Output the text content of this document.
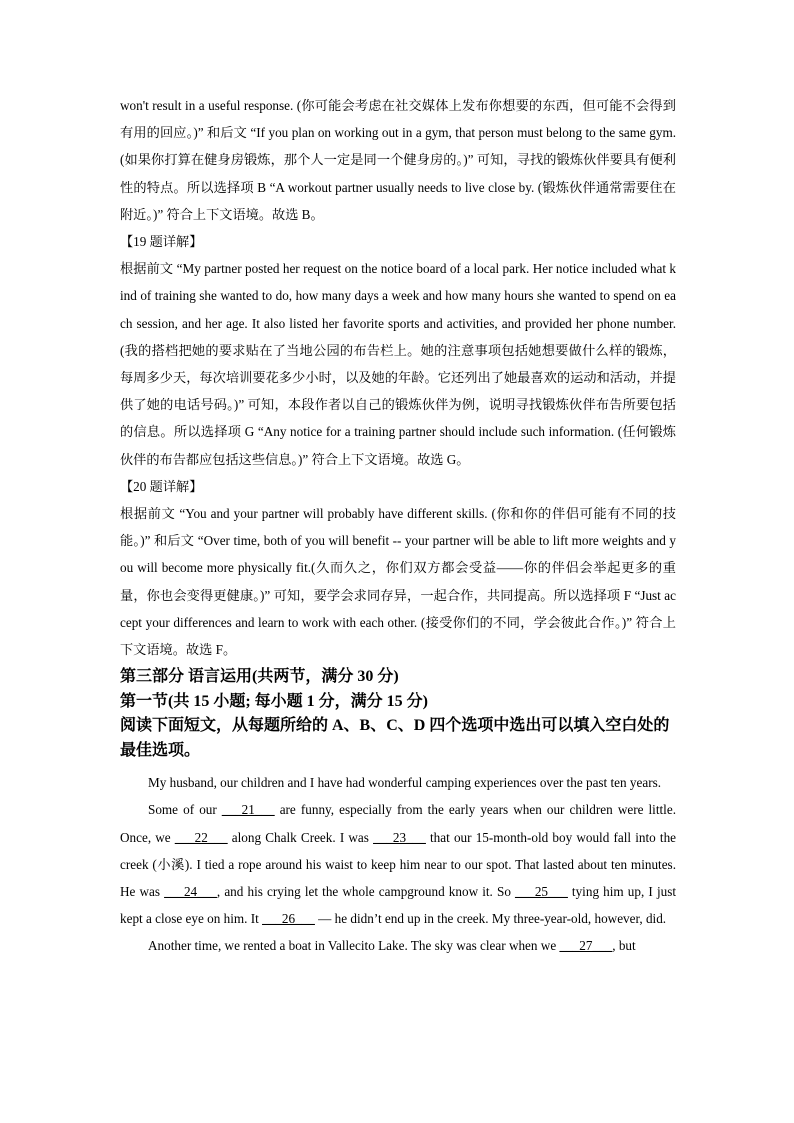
won't result in a useful response. (你可能会考虑在社交媒体上发布你想要的东西，但可能不会得到有用的回应。)” 和后文 “If you plan on working out in a gym, that person must belong to the same gym.(如果你打算在健身房锻炼，那个人一定是同一个健身房的。)” 可知，寻找的锻炼伙伴要具有便利性的特点。所以选择项 B “A workout partner usually needs to live close by. (锻炼伙伴通常需要住在附近。)” 符合上下文语境。故选 B。

【19 题详解】

根据前文 “My partner posted her request on the notice board of a local park. Her notice included what kind of training she wanted to do, how many days a week and how many hours she wanted to spend on each session, and her age. It also listed her favorite sports and activities, and provided her phone number. (我的搭档把她的要求贴在了当地公园的布告栏上。她的注意事项包括她想要做什么样的锻炼，每周多少天，每次培训要花多少小时，以及她的年龄。它还列出了她最喜欢的运动和活动，并提供了她的电话号码。)” 可知，本段作者以自己的锻炼伙伴为例，说明寻找锻炼伙伴布告所要包括的信息。所以选择项 G “Any notice for a training partner should include such information. (任何锻炼伙伴的布告都应包括这些信息。)” 符合上下文语境。故选 G。

【20 题详解】

根据前文 “You and your partner will probably have different skills. (你和你的伴侣可能有不同的技能。)” 和后文 “Over time, both of you will benefit -- your partner will be able to lift more weights and you will become more physically fit.(久而久之，你们双方都会受益——你的伴侣会举起更多的重量，你也会变得更健康。)” 可知，要学会求同存异，一起合作，共同提高。所以选择项 F “Just accept your differences and learn to work with each other. (接受你们的不同，学会彼此合作。)” 符合上下文语境。故选 F。

第三部分 语言运用(共两节，满分 30 分)

第一节(共 15 小题; 每小题 1 分，满分 15 分)

阅读下面短文，从每题所给的 A、B、C、D 四个选项中选出可以填入空白处的最佳选项。

My husband, our children and I have had wonderful camping experiences over the past ten years.

Some of our ___21___ are funny, especially from the early years when our children were little. Once, we ___22___ along Chalk Creek. I was ___23___ that our 15-month-old boy would fall into the creek (小溪). I tied a rope around his waist to keep him near to our spot. That lasted about ten minutes. He was ___24___, and his crying let the whole campground know it. So ___25___ tying him up, I just kept a close eye on him. It ___26___ — he didn’t end up in the creek. My three-year-old, however, did.

Another time, we rented a boat in Vallecito Lake. The sky was clear when we ___27___, but
